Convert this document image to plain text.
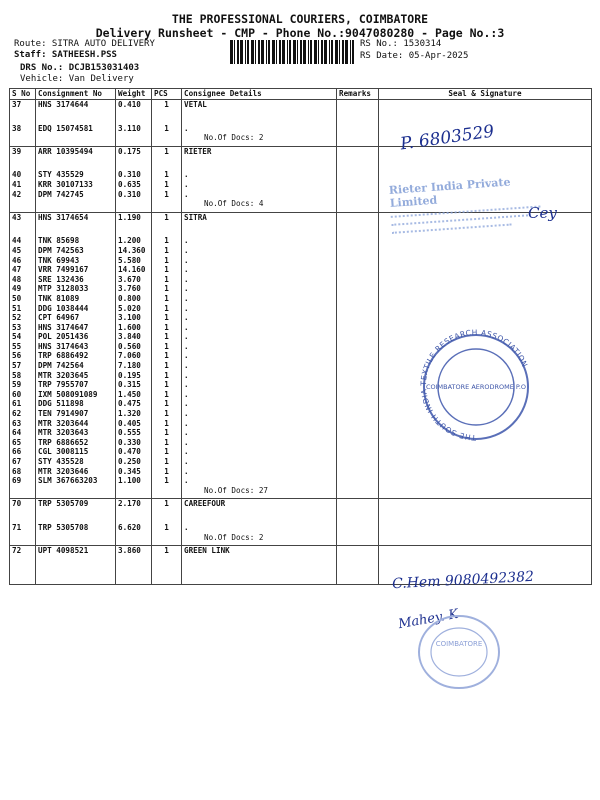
THE PROFESSIONAL COURIERS, COIMBATORE
Delivery Runsheet - CMP - Phone No.:9047080280 - Page No.:3
Route: SITRA AUTO DELIVERY
Staff: SATHEESH.PSS
DRS No.: DCJB153031403
Vehicle: Van Delivery
RS No.: 1530314
RS Date: 05-Apr-2025
S No	Consignment No	Weight	PCS	Consignee Details	Remarks	Seal & Signature
37	HNS 3174644	0.410	1	VETAL		

38	EDQ 15074581	3.110	1	.		
				No.Of Docs: 2		

39	ARR 10395494	0.175	1	RIETER		

40	STY 435529	0.310	1	.		
41	KRR 30107133	0.635	1	.		
42	DPM 742745	0.310	1	.		
				No.Of Docs: 4		

43	HNS 3174654	1.190	1	SITRA		

44	TNK 85698	1.200	1	.		
45	DPM 742563	14.360	1	.		
46	TNK 69943	5.580	1	.		
47	VRR 7499167	14.160	1	.		
48	SRE 132436	3.670	1	.		
49	MTP 3128033	3.760	1	.		
50	TNK 81089	0.800	1	.		
51	DDG 1038444	5.020	1	.		
52	CPT 64967	3.100	1	.		
53	HNS 3174647	1.600	1	.		
54	POL 2051436	3.840	1	.		
55	HNS 3174643	0.560	1	.		
56	TRP 6886492	7.060	1	.		
57	DPM 742564	7.180	1	.		
58	MTR 3203645	0.195	1	.		
59	TRP 7955707	0.315	1	.		
60	IXM 508091089	1.450	1	.		
61	DDG 511898	0.475	1	.		
62	TEN 7914907	1.320	1	.		
63	MTR 3203644	0.405	1	.		
64	MTR 3203643	0.555	1	.		
65	TRP 6886652	0.330	1	.		
66	CGL 3008115	0.470	1	.		
67	STY 435528	0.250	1	.		
68	MTR 3203646	0.345	1	.		
69	SLM 367663203	1.100	1	.		
				No.Of Docs: 27		

70	TRP 5305709	2.170	1	CAREEFOUR		

71	TRP 5305708	6.620	1	.		
				No.Of Docs: 2		

72	UPT 4098521	3.860	1	GREEN LINK		

P. 6803529
Rieter India Private Limited
Cey
THE SOUTH INDIA TEXTILE RESEARCH ASSOCIATION
COIMBATORE AERODROME P.O
C.Hem 9080492382
Mahey. K
COIMBATORE
